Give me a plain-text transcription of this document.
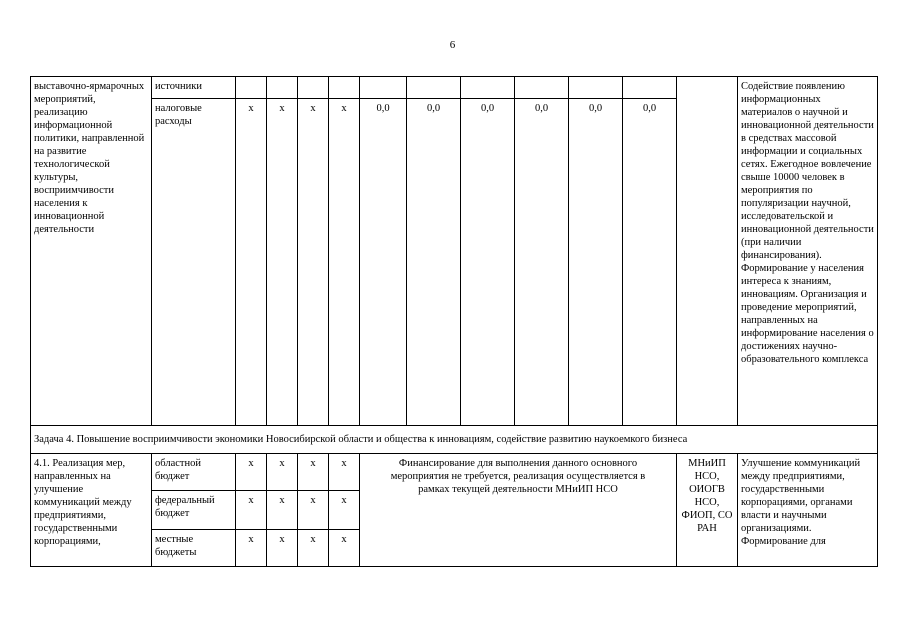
6
выставочно-ярмарочных мероприятий, реализацию информационной политики, направленной на развитие технологической культуры, восприимчивости населения к инновационной деятельности	источники												Содействие появлению информационных материалов о научной и инновационной деятельности в средствах массовой информации и социальных сетях. Ежегодное вовлечение свыше 10000 человек в мероприятия по популяризации научной, исследовательской и инновационной деятельности (при наличии финансирования). Формирование у населения интереса к знаниям, инновациям. Организация и проведение мероприятий, направленных на информирование населения о достижениях научно-образовательного комплекса
	налоговые расходы	x	x	x	x	0,0	0,0	0,0	0,0	0,0	0,0		
Задача 4. Повышение восприимчивости экономики Новосибирской области и общества к инновациям, содействие развитию наукоемкого бизнеса													
4.1. Реализация мер, направленных на улучшение коммуникаций между предприятиями, государственными корпорациями,	областной бюджет	x	x	x	x	Финансирование для выполнения данного основного мероприятия не требуется, реализация осуществляется в рамках текущей деятельности МНиИП НСО						МНиИП НСО, ОИОГВ НСО, ФИОП, СО РАН	Улучшение коммуникаций между предприятиями, государственными корпорациями, органами власти и научными организациями. Формирование для
	федеральный бюджет	x	x	x	x								
	местные бюджеты	x	x	x	x								
